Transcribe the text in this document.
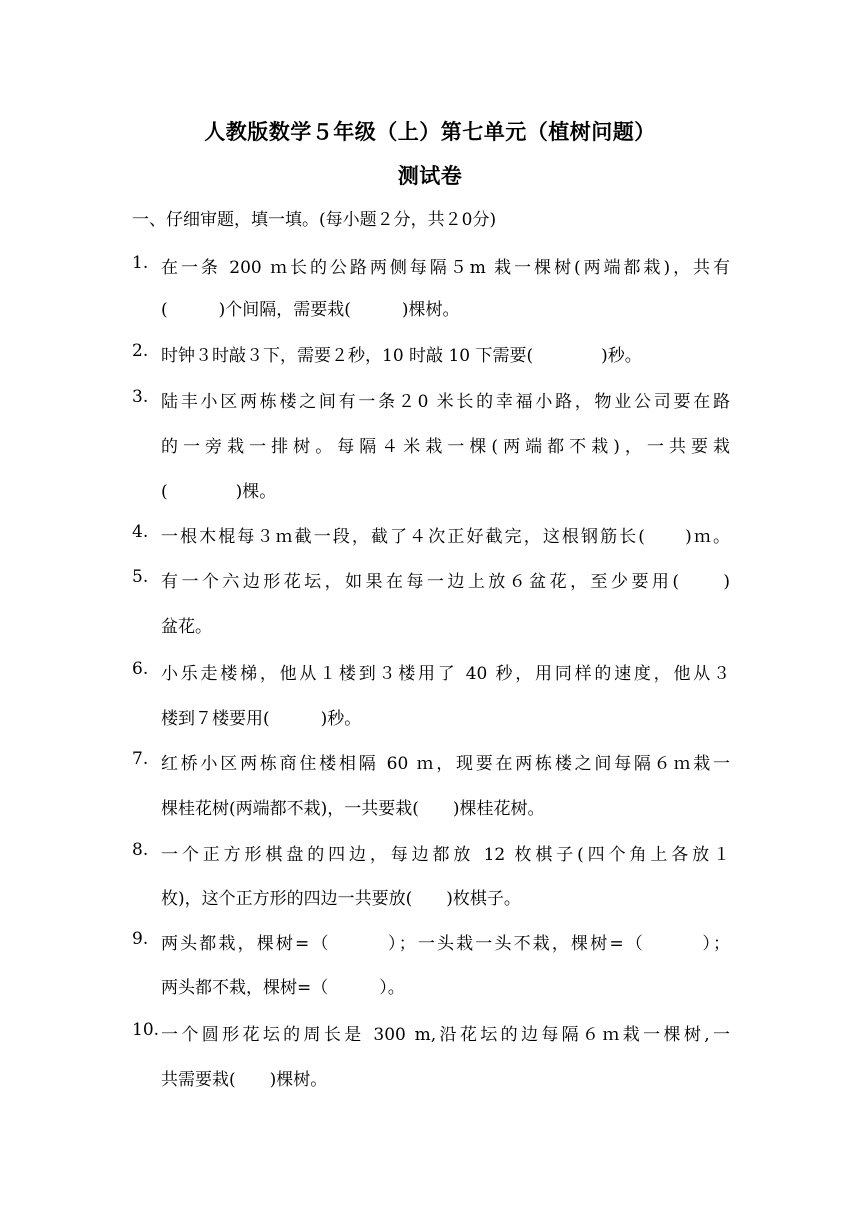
人教版数学５年级（上）第七单元（植树问题）
测试卷
一、仔细审题，填一填。(每小题２分，共２0分)
1. 在一条 200 ｍ长的公路两侧每隔５m 栽一棵树(两端都栽)，共有
(　　　)个间隔，需要栽(　　　)棵树。
2. 时钟３时敲３下，需要２秒，10 时敲 10 下需要(　　　　)秒。
3. 陆丰小区两栋楼之间有一条２0 米长的幸福小路，物业公司要在路
的一旁栽一排树。每隔４米栽一棵(两端都不栽)，一共要栽
(　　　　)棵。
4. 一根木棍每３ｍ截一段，截了４次正好截完，这根钢筋长(　　)ｍ。
5. 有一个六边形花坛，如果在每一边上放６盆花，至少要用(　　)
盆花。
6. 小乐走楼梯，他从１楼到３楼用了 40 秒，用同样的速度，他从３
楼到７楼要用(　　　)秒。
7. 红桥小区两栋商住楼相隔 60 ｍ，现要在两栋楼之间每隔６ｍ栽一
棵桂花树(两端都不栽)，一共要栽(　　)棵桂花树。
8. 一个正方形棋盘的四边，每边都放 12 枚棋子(四个角上各放１
枚)，这个正方形的四边一共要放(　　)枚棋子。
9. 两头都栽，棵树=（　　　）；一头栽一头不栽，棵树=（　　　）；
两头都不栽，棵树=（　　　）。
10. 一个圆形花坛的周长是 300 m,沿花坛的边每隔６ｍ栽一棵树,一
共需要栽(　　)棵树。
